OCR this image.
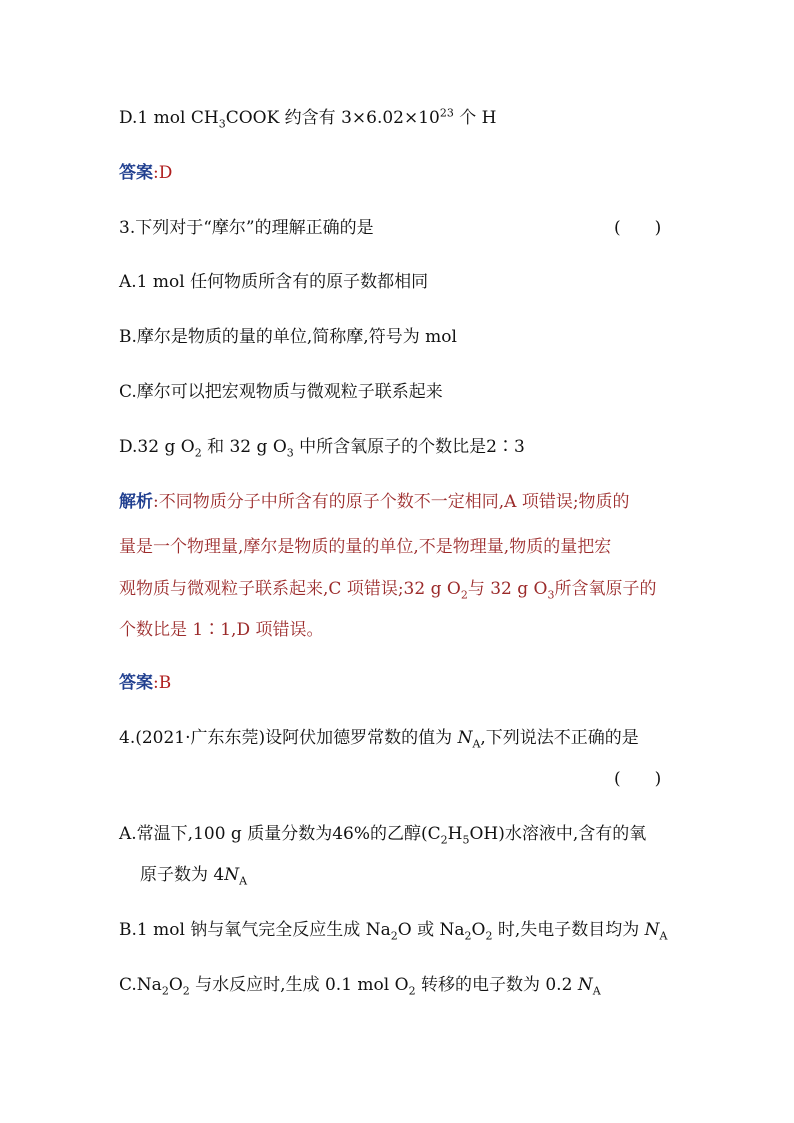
D.1 mol $CH_3COOK$ 约含有 $3\times 6.02\times 10^{23}$ 个 H
答案:D
3.下列对于“摩尔”的理解正确的是	(　　)
A.1 mol 任何物质所含有的原子数都相同
B.摩尔是物质的量的单位,简称摩,符号为 mol
C.摩尔可以把宏观物质与微观粒子联系起来
D.32 g $O_2$ 和 32 g $O_3$ 中所含氧原子的个数比是2∶3
解析:不同物质分子中所含有的原子个数不一定相同,A 项错误;物质的
量是一个物理量,摩尔是物质的量的单位,不是物理量,物质的量把宏
观物质与微观粒子联系起来,C 项错误;32 g $O_2$与 32 g $O_3$所含氧原子的
个数比是 1∶1,D 项错误。
答案:B
4.(2021·广东东莞)设阿伏加德罗常数的值为 $N_A$,下列说法不正确的是
(　　)
A.常温下,100 g 质量分数为46%的乙醇$(C_2H_5OH)$水溶液中,含有的氧
原子数为 $4N_A$
B.1 mol 钠与氧气完全反应生成 $Na_2O$ 或 $Na_2O_2$ 时,失电子数目均为 $N_A$
$C.Na_2O_2$ 与水反应时,生成 0.1 mol $O_2$ 转移的电子数为 0.2 $N_A$
